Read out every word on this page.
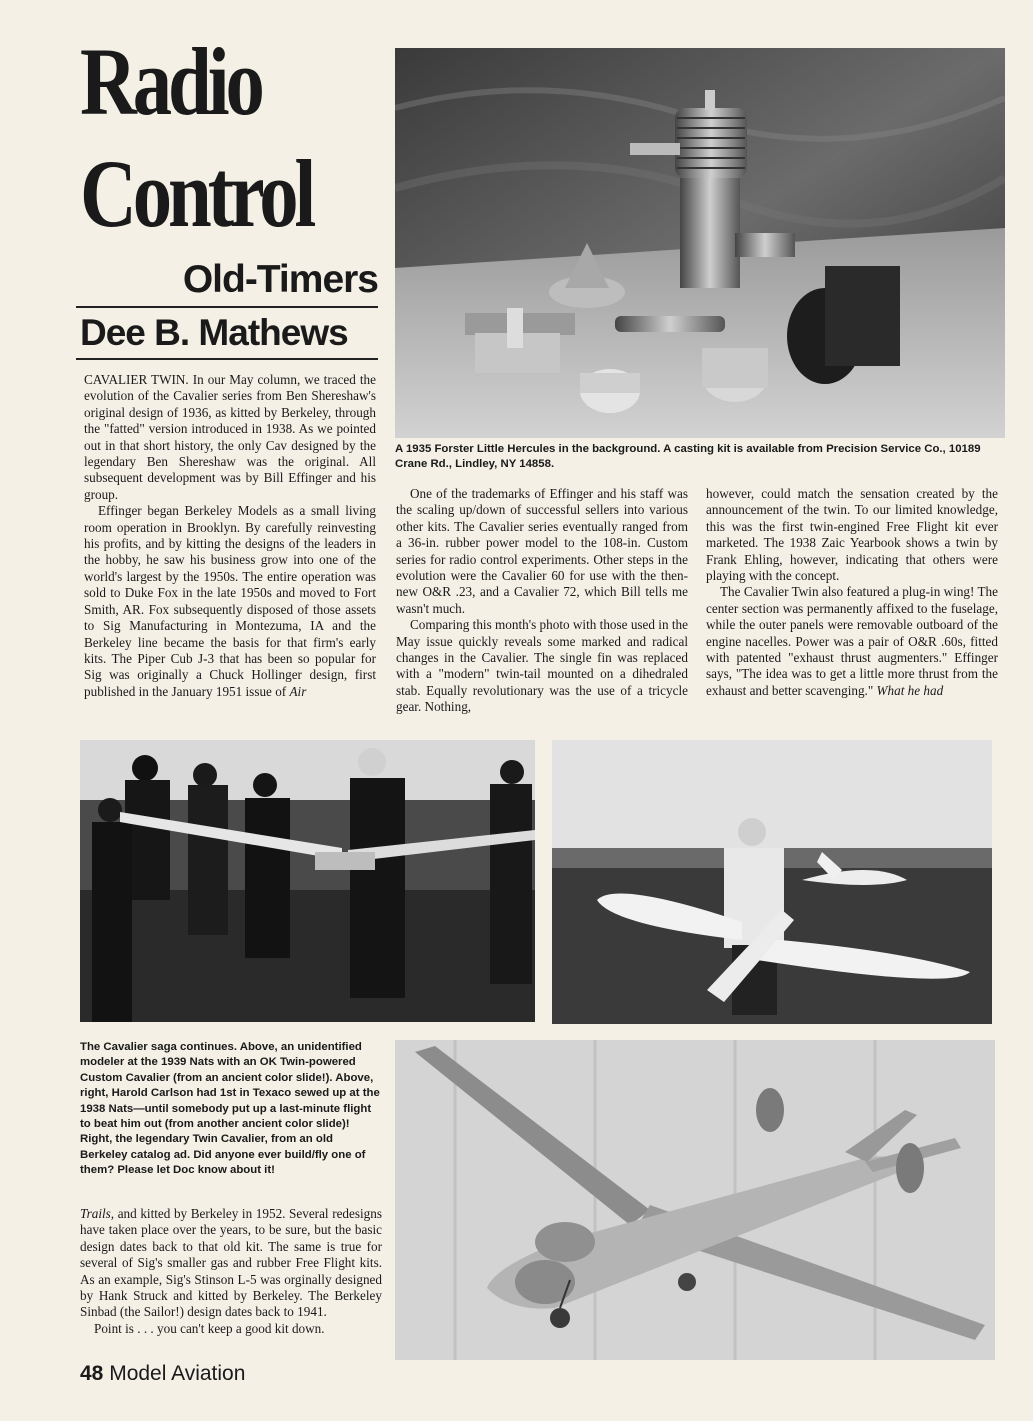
Radio
Control
Old-Timers
Dee B. Mathews
A 1935 Forster Little Hercules in the background. A casting kit is available from Precision Service Co., 10189 Crane Rd., Lindley, NY 14858.

CAVALIER TWIN. In our May column, we traced the evolution of the Cavalier series from Ben Shereshaw's original design of 1936, as kitted by Berkeley, through the "fatted" version introduced in 1938. As we pointed out in that short history, the only Cav designed by the legendary Ben Shereshaw was the original. All subsequent development was by Bill Effinger and his group.

Effinger began Berkeley Models as a small living room operation in Brooklyn. By carefully reinvesting his profits, and by kitting the designs of the leaders in the hobby, he saw his business grow into one of the world's largest by the 1950s. The entire operation was sold to Duke Fox in the late 1950s and moved to Fort Smith, AR. Fox subsequently disposed of those assets to Sig Manufacturing in Montezuma, IA and the Berkeley line became the basis for that firm's early kits. The Piper Cub J-3 that has been so popular for Sig was originally a Chuck Hollinger design, first published in the January 1951 issue of Air

One of the trademarks of Effinger and his staff was the scaling up/down of successful sellers into various other kits. The Cavalier series eventually ranged from a 36-in. rubber power model to the 108-in. Custom series for radio control experiments. Other steps in the evolution were the Cavalier 60 for use with the then-new O&R .23, and a Cavalier 72, which Bill tells me wasn't much.

Comparing this month's photo with those used in the May issue quickly reveals some marked and radical changes in the Cavalier. The single fin was replaced with a "modern" twin-tail mounted on a dihedraled stab. Equally revolutionary was the use of a tricycle gear. Nothing,

however, could match the sensation created by the announcement of the twin. To our limited knowledge, this was the first twin-engined Free Flight kit ever marketed. The 1938 Zaic Yearbook shows a twin by Frank Ehling, however, indicating that others were playing with the concept.

The Cavalier Twin also featured a plug-in wing! The center section was permanently affixed to the fuselage, while the outer panels were removable outboard of the engine nacelles. Power was a pair of O&R .60s, fitted with patented "exhaust thrust augmenters." Effinger says, "The idea was to get a little more thrust from the exhaust and better scavenging." What he had

The Cavalier saga continues. Above, an unidentified modeler at the 1939 Nats with an OK Twin-powered Custom Cavalier (from an ancient color slide!). Above, right, Harold Carlson had 1st in Texaco sewed up at the 1938 Nats—until somebody put up a last-minute flight to beat him out (from another ancient color slide)! Right, the legendary Twin Cavalier, from an old Berkeley catalog ad. Did anyone ever build/fly one of them? Please let Doc know about it!

Trails, and kitted by Berkeley in 1952. Several redesigns have taken place over the years, to be sure, but the basic design dates back to that old kit. The same is true for several of Sig's smaller gas and rubber Free Flight kits. As an example, Sig's Stinson L-5 was orginally designed by Hank Struck and kitted by Berkeley. The Berkeley Sinbad (the Sailor!) design dates back to 1941.

Point is . . . you can't keep a good kit down.

48 Model Aviation
